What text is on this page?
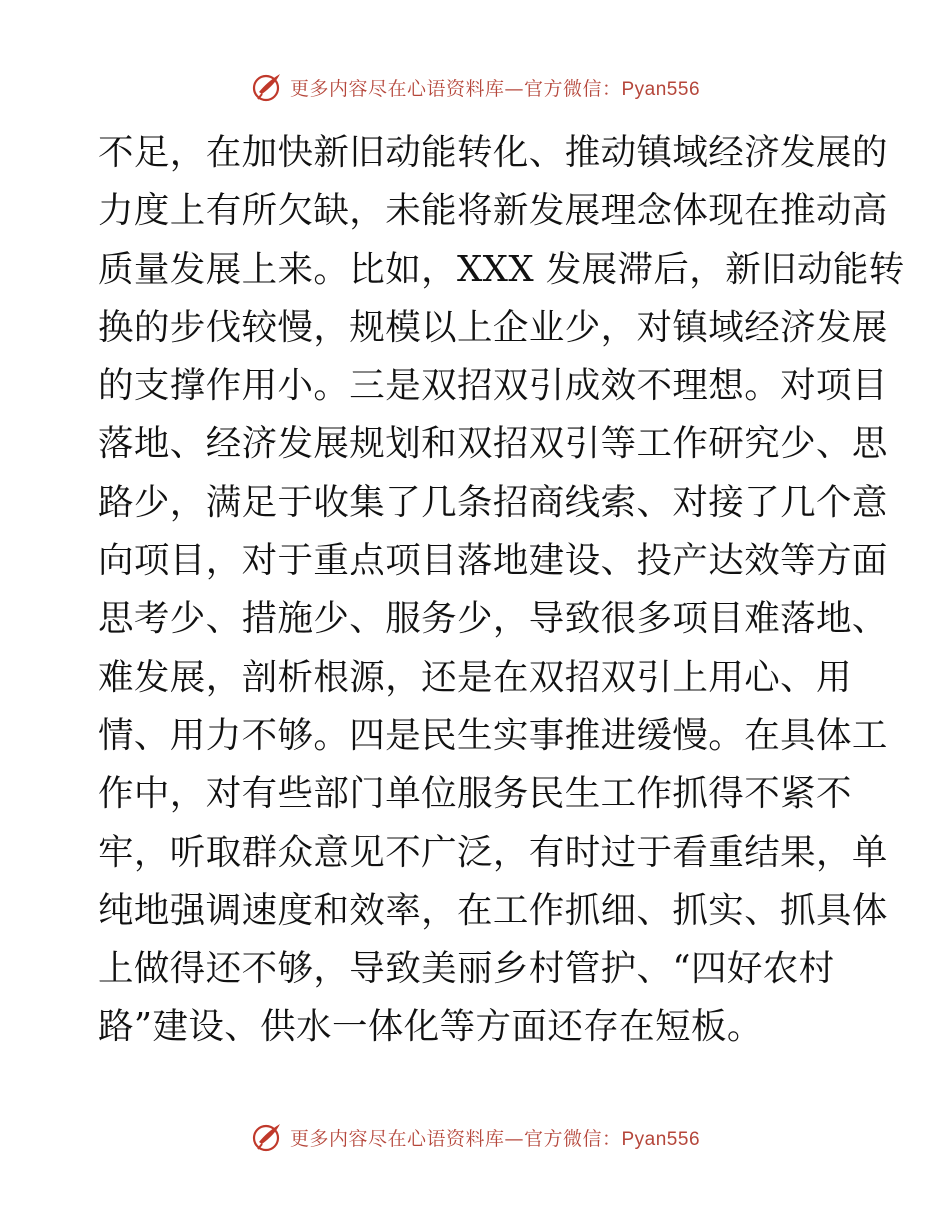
更多内容尽在心语资料库—官方微信：Pyan556
不足，在加快新旧动能转化、推动镇域经济发展的
力度上有所欠缺，未能将新发展理念体现在推动高
质量发展上来。比如，XXX 发展滞后，新旧动能转
换的步伐较慢，规模以上企业少，对镇域经济发展
的支撑作用小。三是双招双引成效不理想。对项目
落地、经济发展规划和双招双引等工作研究少、思
路少，满足于收集了几条招商线索、对接了几个意
向项目，对于重点项目落地建设、投产达效等方面
思考少、措施少、服务少，导致很多项目难落地、
难发展，剖析根源，还是在双招双引上用心、用
情、用力不够。四是民生实事推进缓慢。在具体工
作中，对有些部门单位服务民生工作抓得不紧不
牢，听取群众意见不广泛，有时过于看重结果，单
纯地强调速度和效率，在工作抓细、抓实、抓具体
上做得还不够，导致美丽乡村管护、“四好农村
路”建设、供水一体化等方面还存在短板。
更多内容尽在心语资料库—官方微信：Pyan556
